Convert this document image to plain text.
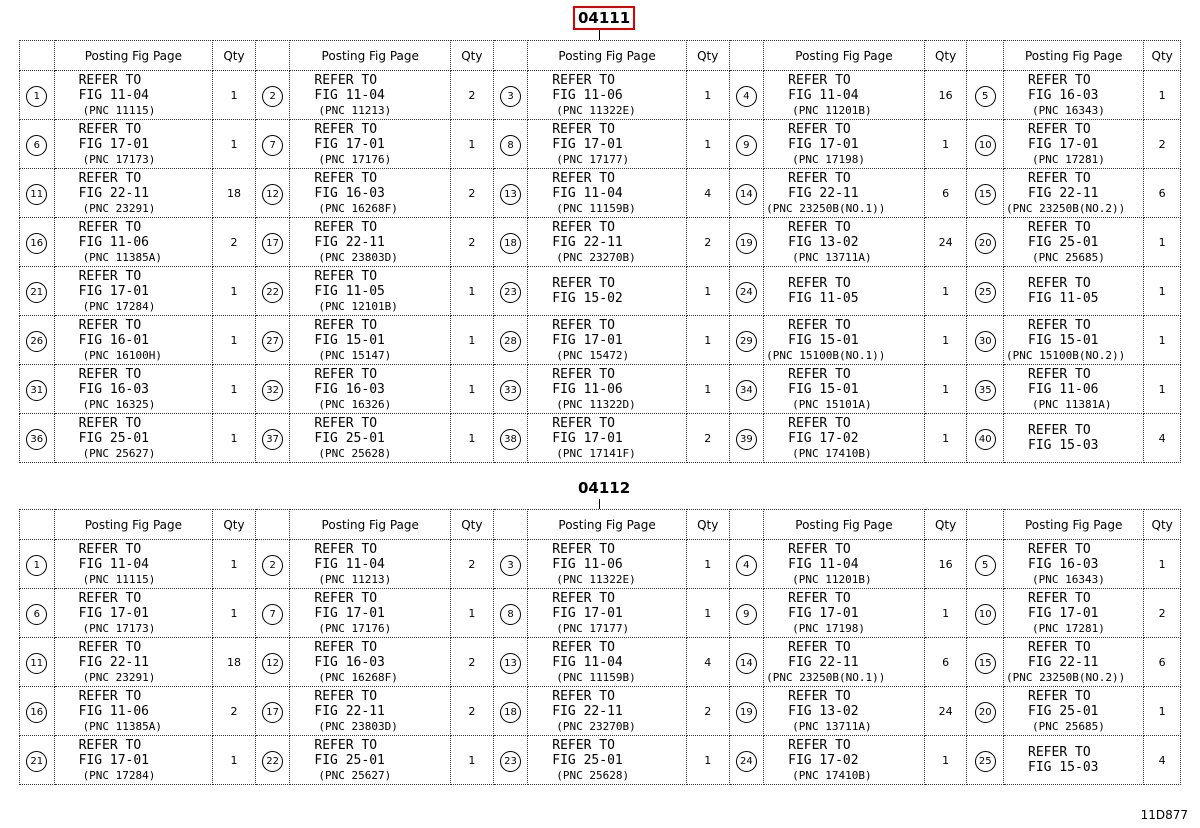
04111
	Posting Fig Page	Qty		Posting Fig Page	Qty		Posting Fig Page	Qty		Posting Fig Page	Qty		Posting Fig Page	Qty
1	REFER TO
FIG 11-04
(PNC 11115)	1	2	REFER TO
FIG 11-04
(PNC 11213)	2	3	REFER TO
FIG 11-06
(PNC 11322E)	1	4	REFER TO
FIG 11-04
(PNC 11201B)	16	5	REFER TO
FIG 16-03
(PNC 16343)	1
6	REFER TO
FIG 17-01
(PNC 17173)	1	7	REFER TO
FIG 17-01
(PNC 17176)	1	8	REFER TO
FIG 17-01
(PNC 17177)	1	9	REFER TO
FIG 17-01
(PNC 17198)	1	10	REFER TO
FIG 17-01
(PNC 17281)	2
11	REFER TO
FIG 22-11
(PNC 23291)	18	12	REFER TO
FIG 16-03
(PNC 16268F)	2	13	REFER TO
FIG 11-04
(PNC 11159B)	4	14	REFER TO
FIG 22-11
(PNC 23250B(NO.1))	6	15	REFER TO
FIG 22-11
(PNC 23250B(NO.2))	6
16	REFER TO
FIG 11-06
(PNC 11385A)	2	17	REFER TO
FIG 22-11
(PNC 23803D)	2	18	REFER TO
FIG 22-11
(PNC 23270B)	2	19	REFER TO
FIG 13-02
(PNC 13711A)	24	20	REFER TO
FIG 25-01
(PNC 25685)	1
21	REFER TO
FIG 17-01
(PNC 17284)	1	22	REFER TO
FIG 11-05
(PNC 12101B)	1	23	REFER TO
FIG 15-02	1	24	REFER TO
FIG 11-05	1	25	REFER TO
FIG 11-05	1
26	REFER TO
FIG 16-01
(PNC 16100H)	1	27	REFER TO
FIG 15-01
(PNC 15147)	1	28	REFER TO
FIG 17-01
(PNC 15472)	1	29	REFER TO
FIG 15-01
(PNC 15100B(NO.1))	1	30	REFER TO
FIG 15-01
(PNC 15100B(NO.2))	1
31	REFER TO
FIG 16-03
(PNC 16325)	1	32	REFER TO
FIG 16-03
(PNC 16326)	1	33	REFER TO
FIG 11-06
(PNC 11322D)	1	34	REFER TO
FIG 15-01
(PNC 15101A)	1	35	REFER TO
FIG 11-06
(PNC 11381A)	1
36	REFER TO
FIG 25-01
(PNC 25627)	1	37	REFER TO
FIG 25-01
(PNC 25628)	1	38	REFER TO
FIG 17-01
(PNC 17141F)	2	39	REFER TO
FIG 17-02
(PNC 17410B)	1	40	REFER TO
FIG 15-03	4
04112
	Posting Fig Page	Qty		Posting Fig Page	Qty		Posting Fig Page	Qty		Posting Fig Page	Qty		Posting Fig Page	Qty
1	REFER TO
FIG 11-04
(PNC 11115)	1	2	REFER TO
FIG 11-04
(PNC 11213)	2	3	REFER TO
FIG 11-06
(PNC 11322E)	1	4	REFER TO
FIG 11-04
(PNC 11201B)	16	5	REFER TO
FIG 16-03
(PNC 16343)	1
6	REFER TO
FIG 17-01
(PNC 17173)	1	7	REFER TO
FIG 17-01
(PNC 17176)	1	8	REFER TO
FIG 17-01
(PNC 17177)	1	9	REFER TO
FIG 17-01
(PNC 17198)	1	10	REFER TO
FIG 17-01
(PNC 17281)	2
11	REFER TO
FIG 22-11
(PNC 23291)	18	12	REFER TO
FIG 16-03
(PNC 16268F)	2	13	REFER TO
FIG 11-04
(PNC 11159B)	4	14	REFER TO
FIG 22-11
(PNC 23250B(NO.1))	6	15	REFER TO
FIG 22-11
(PNC 23250B(NO.2))	6
16	REFER TO
FIG 11-06
(PNC 11385A)	2	17	REFER TO
FIG 22-11
(PNC 23803D)	2	18	REFER TO
FIG 22-11
(PNC 23270B)	2	19	REFER TO
FIG 13-02
(PNC 13711A)	24	20	REFER TO
FIG 25-01
(PNC 25685)	1
21	REFER TO
FIG 17-01
(PNC 17284)	1	22	REFER TO
FIG 25-01
(PNC 25627)	1	23	REFER TO
FIG 25-01
(PNC 25628)	1	24	REFER TO
FIG 17-02
(PNC 17410B)	1	25	REFER TO
FIG 15-03	4
11D877
